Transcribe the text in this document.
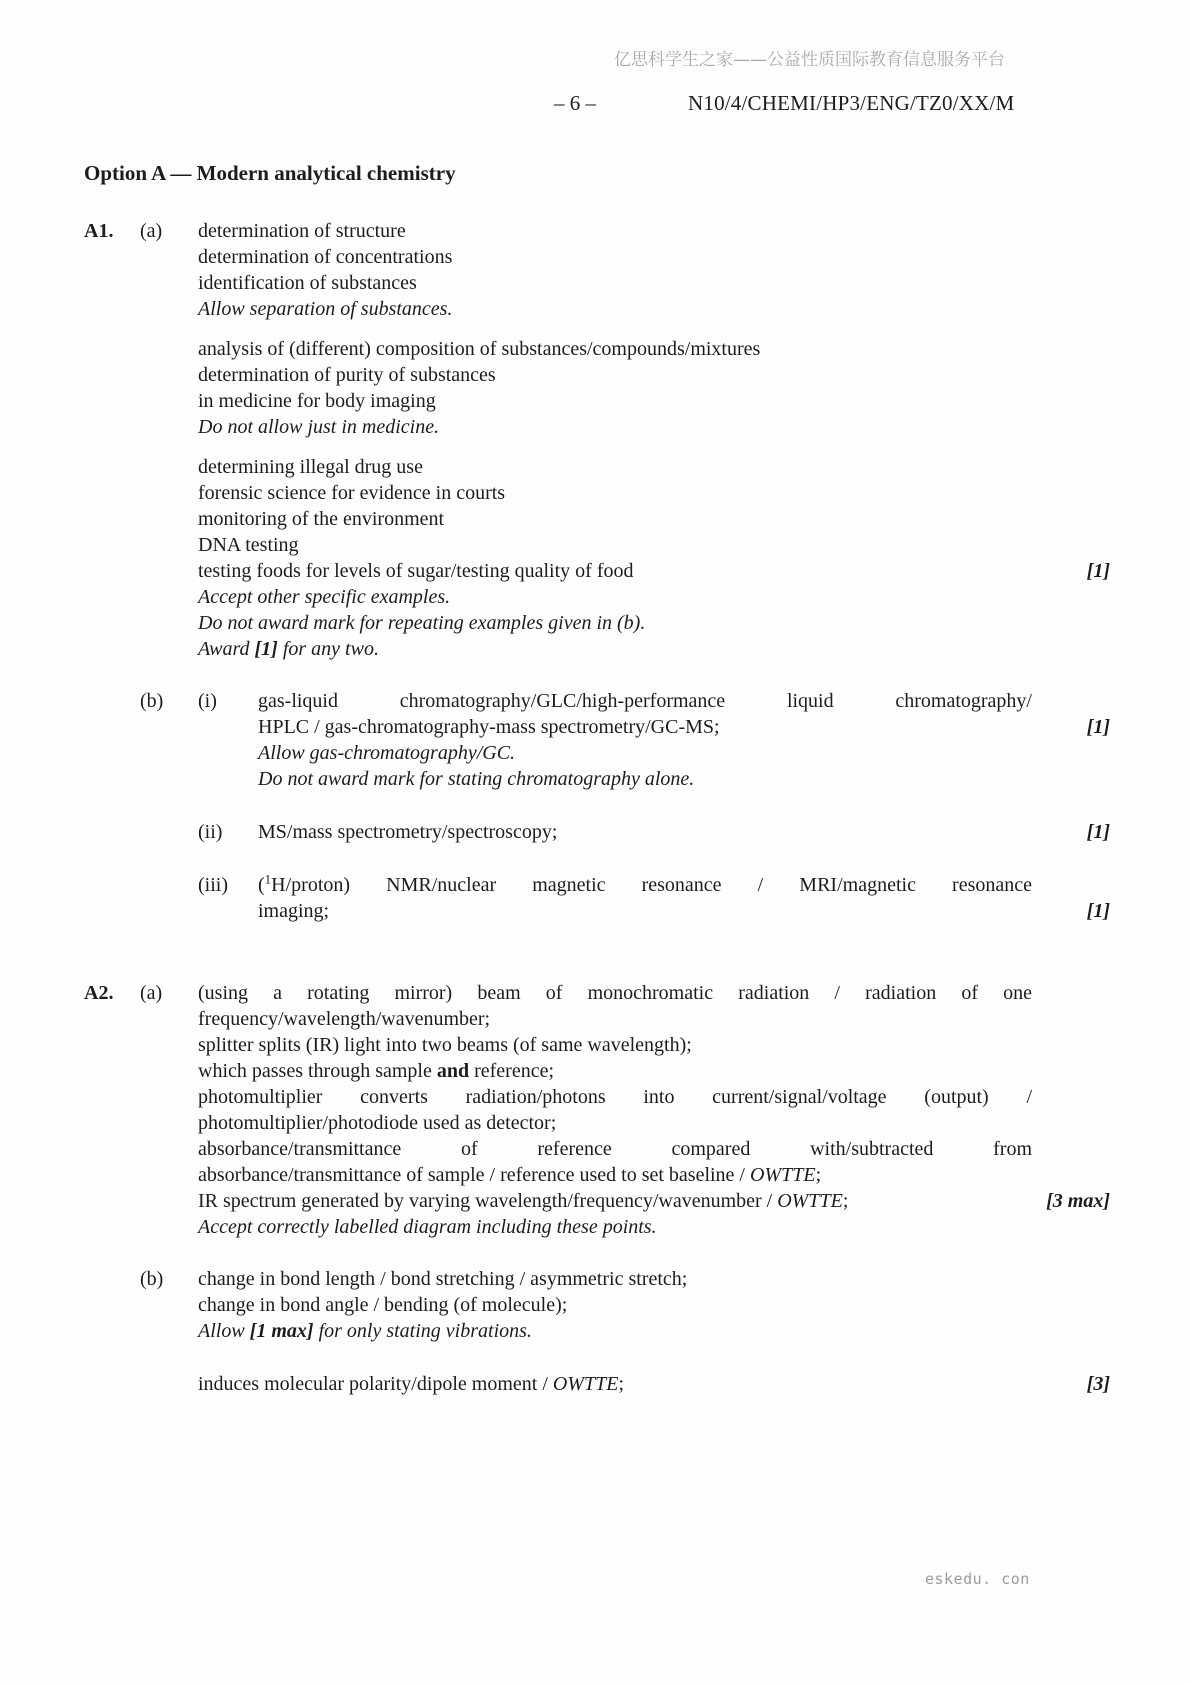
亿思科学生之家——公益性质国际教育信息服务平台
– 6 –	N10/4/CHEMI/HP3/ENG/TZ0/XX/M
Option A — Modern analytical chemistry
A1.	(a)	determination of structure
determination of concentrations
identification of substances
Allow separation of substances.
analysis of (different) composition of substances/compounds/mixtures
determination of purity of substances
in medicine for body imaging
Do not allow just in medicine.
determining illegal drug use
forensic science for evidence in courts
monitoring of the environment
DNA testing
testing foods for levels of sugar/testing quality of food	[1]
Accept other specific examples.
Do not award mark for repeating examples given in (b).
Award [1] for any two.
(b)	(i)	gas-liquid chromatography/GLC/high-performance liquid chromatography/
HPLC / gas-chromatography-mass spectrometry/GC-MS;	[1]
Allow gas-chromatography/GC.
Do not award mark for stating chromatography alone.
(ii)	MS/mass spectrometry/spectroscopy;	[1]
(iii)	($^1$H/proton) NMR/nuclear magnetic resonance / MRI/magnetic resonance
imaging;	[1]
A2.	(a)	(using a rotating mirror) beam of monochromatic radiation / radiation of one
frequency/wavelength/wavenumber;
splitter splits (IR) light into two beams (of same wavelength);
which passes through sample and reference;
photomultiplier converts radiation/photons into current/signal/voltage (output) /
photomultiplier/photodiode used as detector;
absorbance/transmittance of reference compared with/subtracted from
absorbance/transmittance of sample / reference used to set baseline / OWTTE;
IR spectrum generated by varying wavelength/frequency/wavenumber / OWTTE;	[3 max]
Accept correctly labelled diagram including these points.
(b)	change in bond length / bond stretching / asymmetric stretch;
change in bond angle / bending (of molecule);
Allow [1 max] for only stating vibrations.
induces molecular polarity/dipole moment / OWTTE;	[3]
eskedu. con
